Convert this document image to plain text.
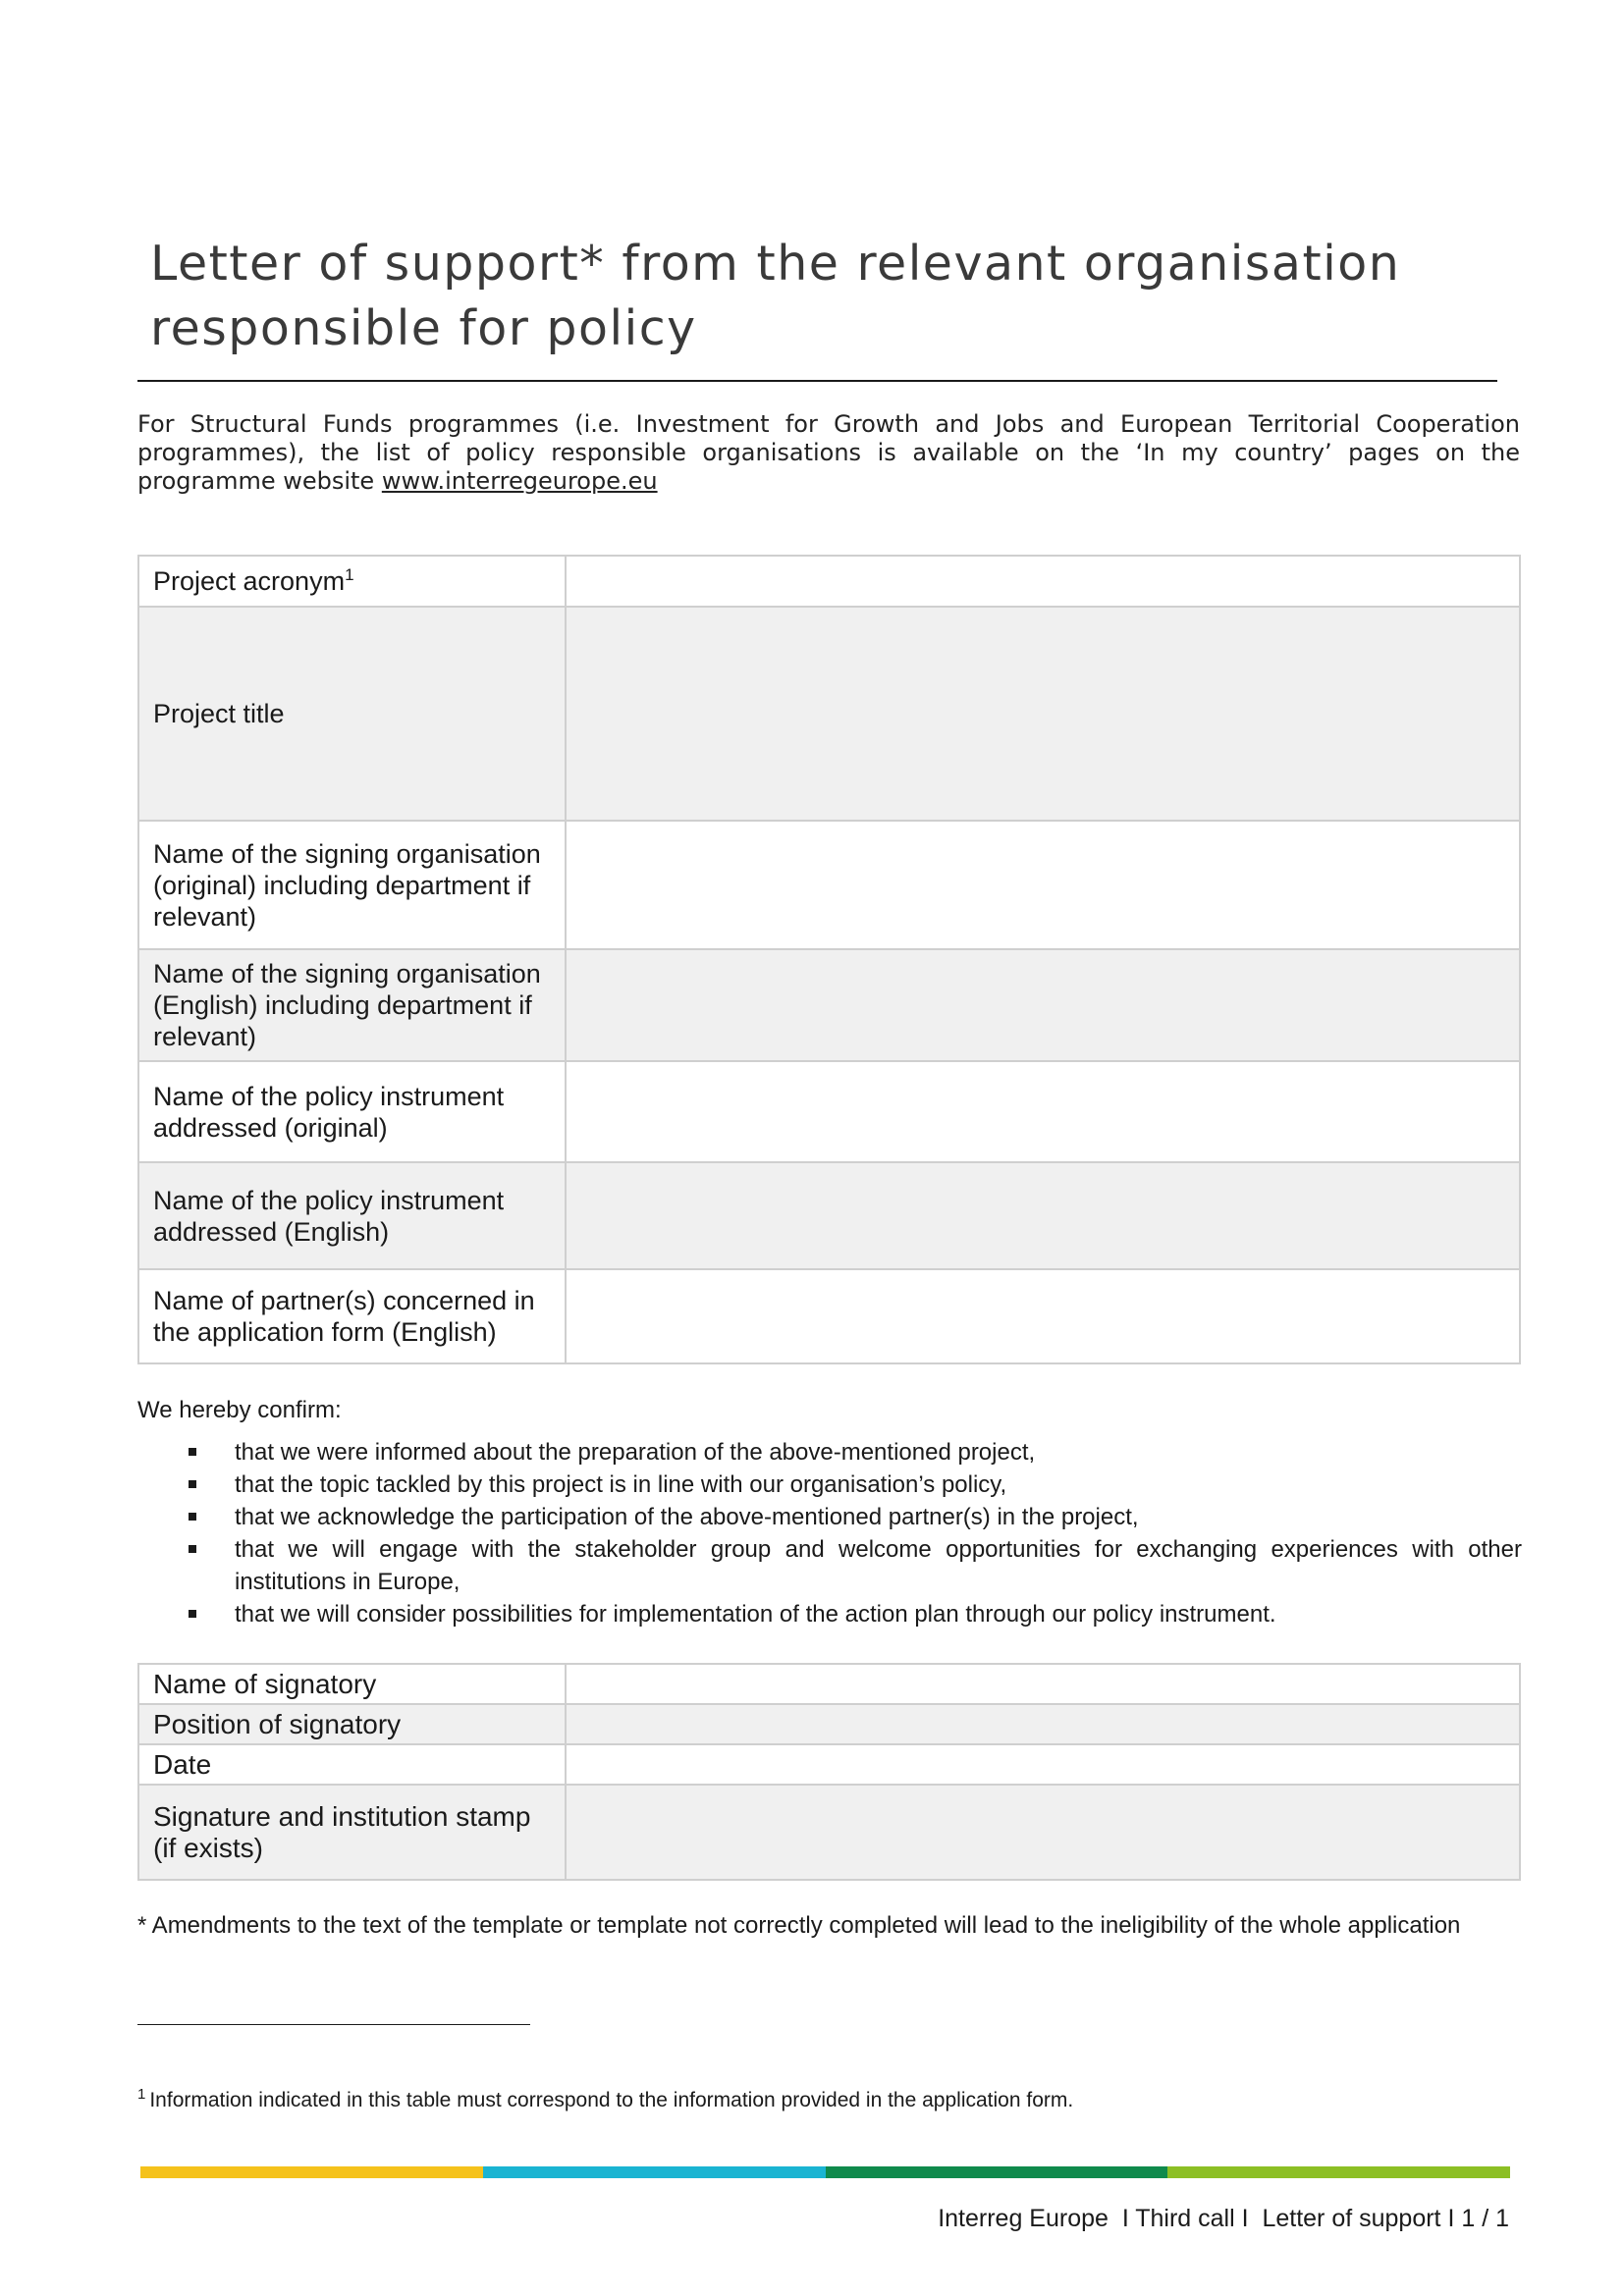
Letter of support* from the relevant organisation responsible for policy

For Structural Funds programmes (i.e. Investment for Growth and Jobs and European Territorial Cooperation programmes), the list of policy responsible organisations is available on the ‘In my country’ pages on the programme website www.interregeurope.eu

Project acronym$^1$	
Project title	
Name of the signing organisation (original) including department if relevant)	
Name of the signing organisation (English) including department if relevant)	
Name of the policy instrument addressed (original)	
Name of the policy instrument addressed (English)	
Name of partner(s) concerned in the application form (English)	

We hereby confirm:

that we were informed about the preparation of the above-mentioned project,
that the topic tackled by this project is in line with our organisation’s policy,
that we acknowledge the participation of the above-mentioned partner(s) in the project,
that we will engage with the stakeholder group and welcome opportunities for exchanging experiences with other institutions in Europe,
that we will consider possibilities for implementation of the action plan through our policy instrument.
Name of signatory	
Position of signatory	
Date	
Signature and institution stamp (if exists)	
* Amendments to the text of the template or template not correctly completed will lead to the ineligibility of the whole application
$^1$ Information indicated in this table must correspond to the information provided in the application form.
Interreg Europe  I Third call I  Letter of support I 1 / 1
